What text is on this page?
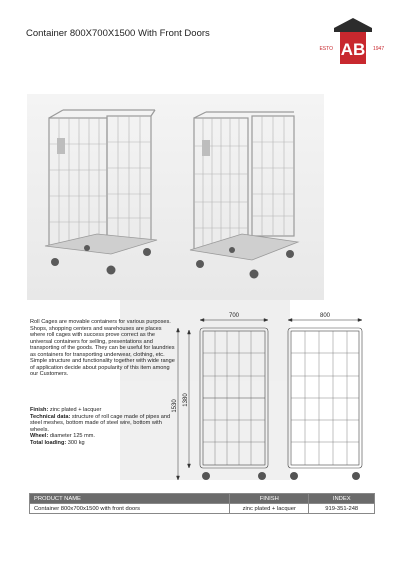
Container 800X700X1500 With Front Doors
AB
ESTO	1947
Roll Cages are movable containers for various purposes. Shops, shopping centers and warehouses are places where roll cages with success prove correct as the universal containers for selling, presentations and transporting of the goods. They can be useful for laundries as containers for transporting underwear, clothing, etc. Simple structure and functionality together with wide range of application decide about popularity of this item among our Customers.
Finish: zinc plated + lacquer
Technical data: structure of roll cage made of pipes and steel meshes, bottom made of steel wire, bottom with wheels.
Wheel: diameter 125 mm.
Total loading: 300 kg
700	800
1530 1380
PRODUCT NAME	FINISH	INDEX
Container 800x700x1500 with front doors	zinc plated + lacquer	919-351-248
